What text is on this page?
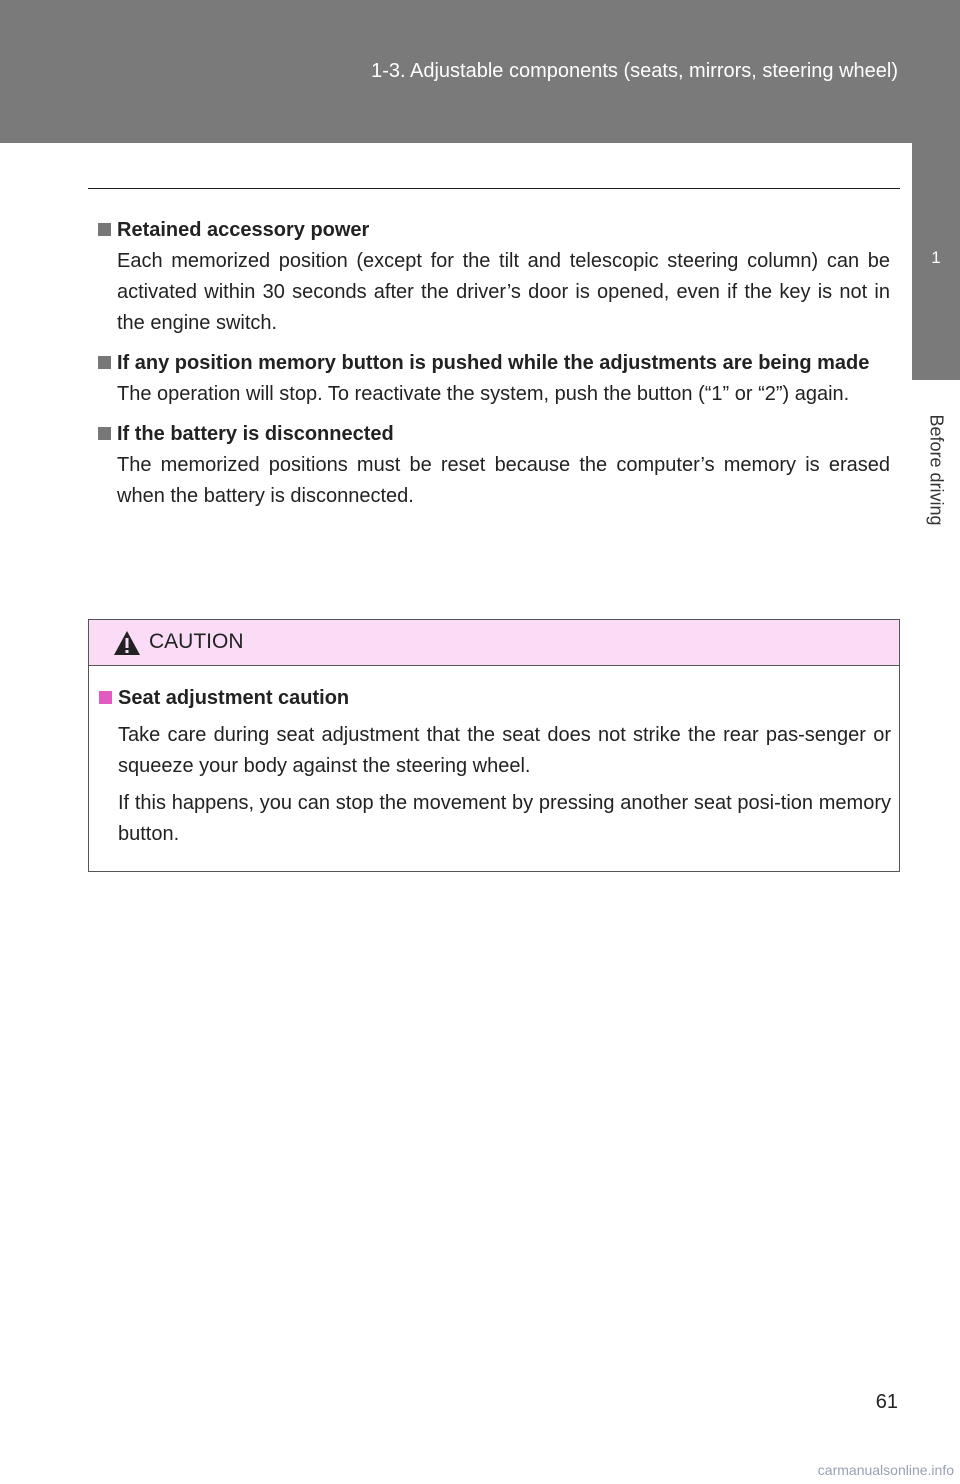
1-3. Adjustable components (seats, mirrors, steering wheel)
1
Before driving
Retained accessory power
Each memorized position (except for the tilt and telescopic steering column) can be activated within 30 seconds after the driver’s door is opened, even if the key is not in the engine switch.
If any position memory button is pushed while the adjustments are being made
The operation will stop. To reactivate the system, push the button (“1” or “2”) again.
If the battery is disconnected
The memorized positions must be reset because the computer’s memory is erased when the battery is disconnected.
CAUTION
Seat adjustment caution

Take care during seat adjustment that the seat does not strike the rear pas-senger or squeeze your body against the steering wheel.

If this happens, you can stop the movement by pressing another seat posi-tion memory button.

61
carmanualsonline.info
